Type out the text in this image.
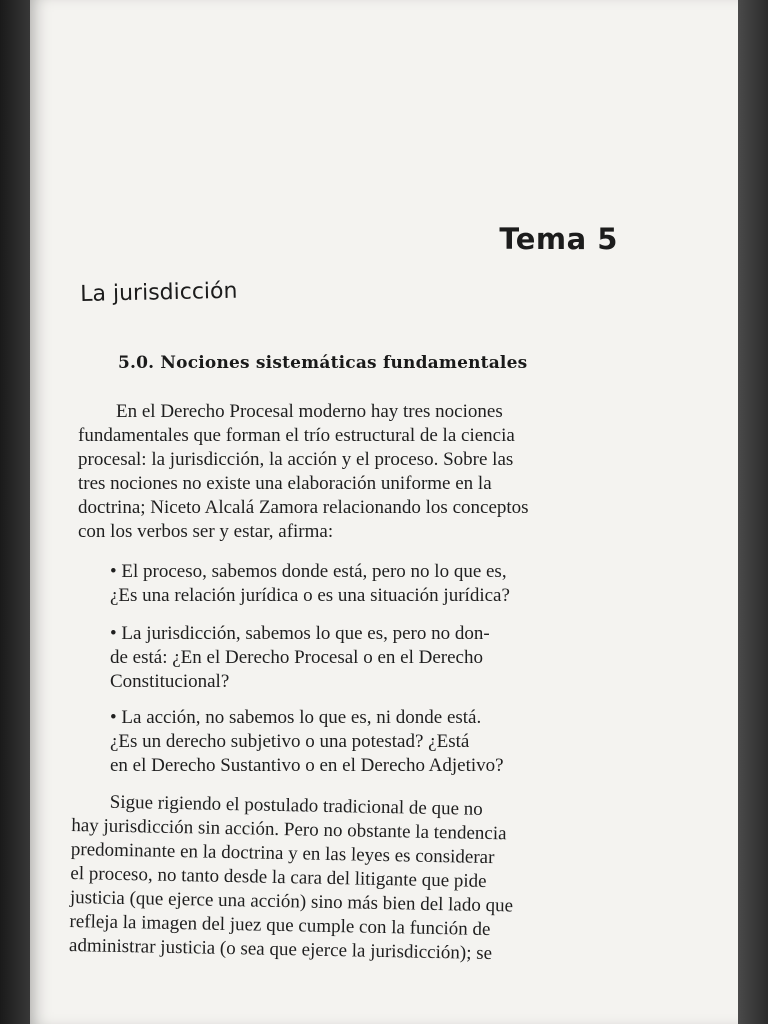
Tema 5
La jurisdicción
5.0. Nociones sistemáticas fundamentales
En el Derecho Procesal moderno hay tres nociones
fundamentales que forman el trío estructural de la ciencia
procesal: la jurisdicción, la acción y el proceso. Sobre las
tres nociones no existe una elaboración uniforme en la
doctrina; Niceto Alcalá Zamora relacionando los conceptos
con los verbos ser y estar, afirma:
• El proceso, sabemos donde está, pero no lo que es,
¿Es una relación jurídica o es una situación jurídica?
• La jurisdicción, sabemos lo que es, pero no don-
de está: ¿En el Derecho Procesal o en el Derecho
Constitucional?
• La acción, no sabemos lo que es, ni donde está.
¿Es un derecho subjetivo o una potestad? ¿Está
en el Derecho Sustantivo o en el Derecho Adjetivo?
Sigue rigiendo el postulado tradicional de que no
hay jurisdicción sin acción. Pero no obstante la tendencia
predominante en la doctrina y en las leyes es considerar
el proceso, no tanto desde la cara del litigante que pide
justicia (que ejerce una acción) sino más bien del lado que
refleja la imagen del juez que cumple con la función de
administrar justicia (o sea que ejerce la jurisdicción); se
